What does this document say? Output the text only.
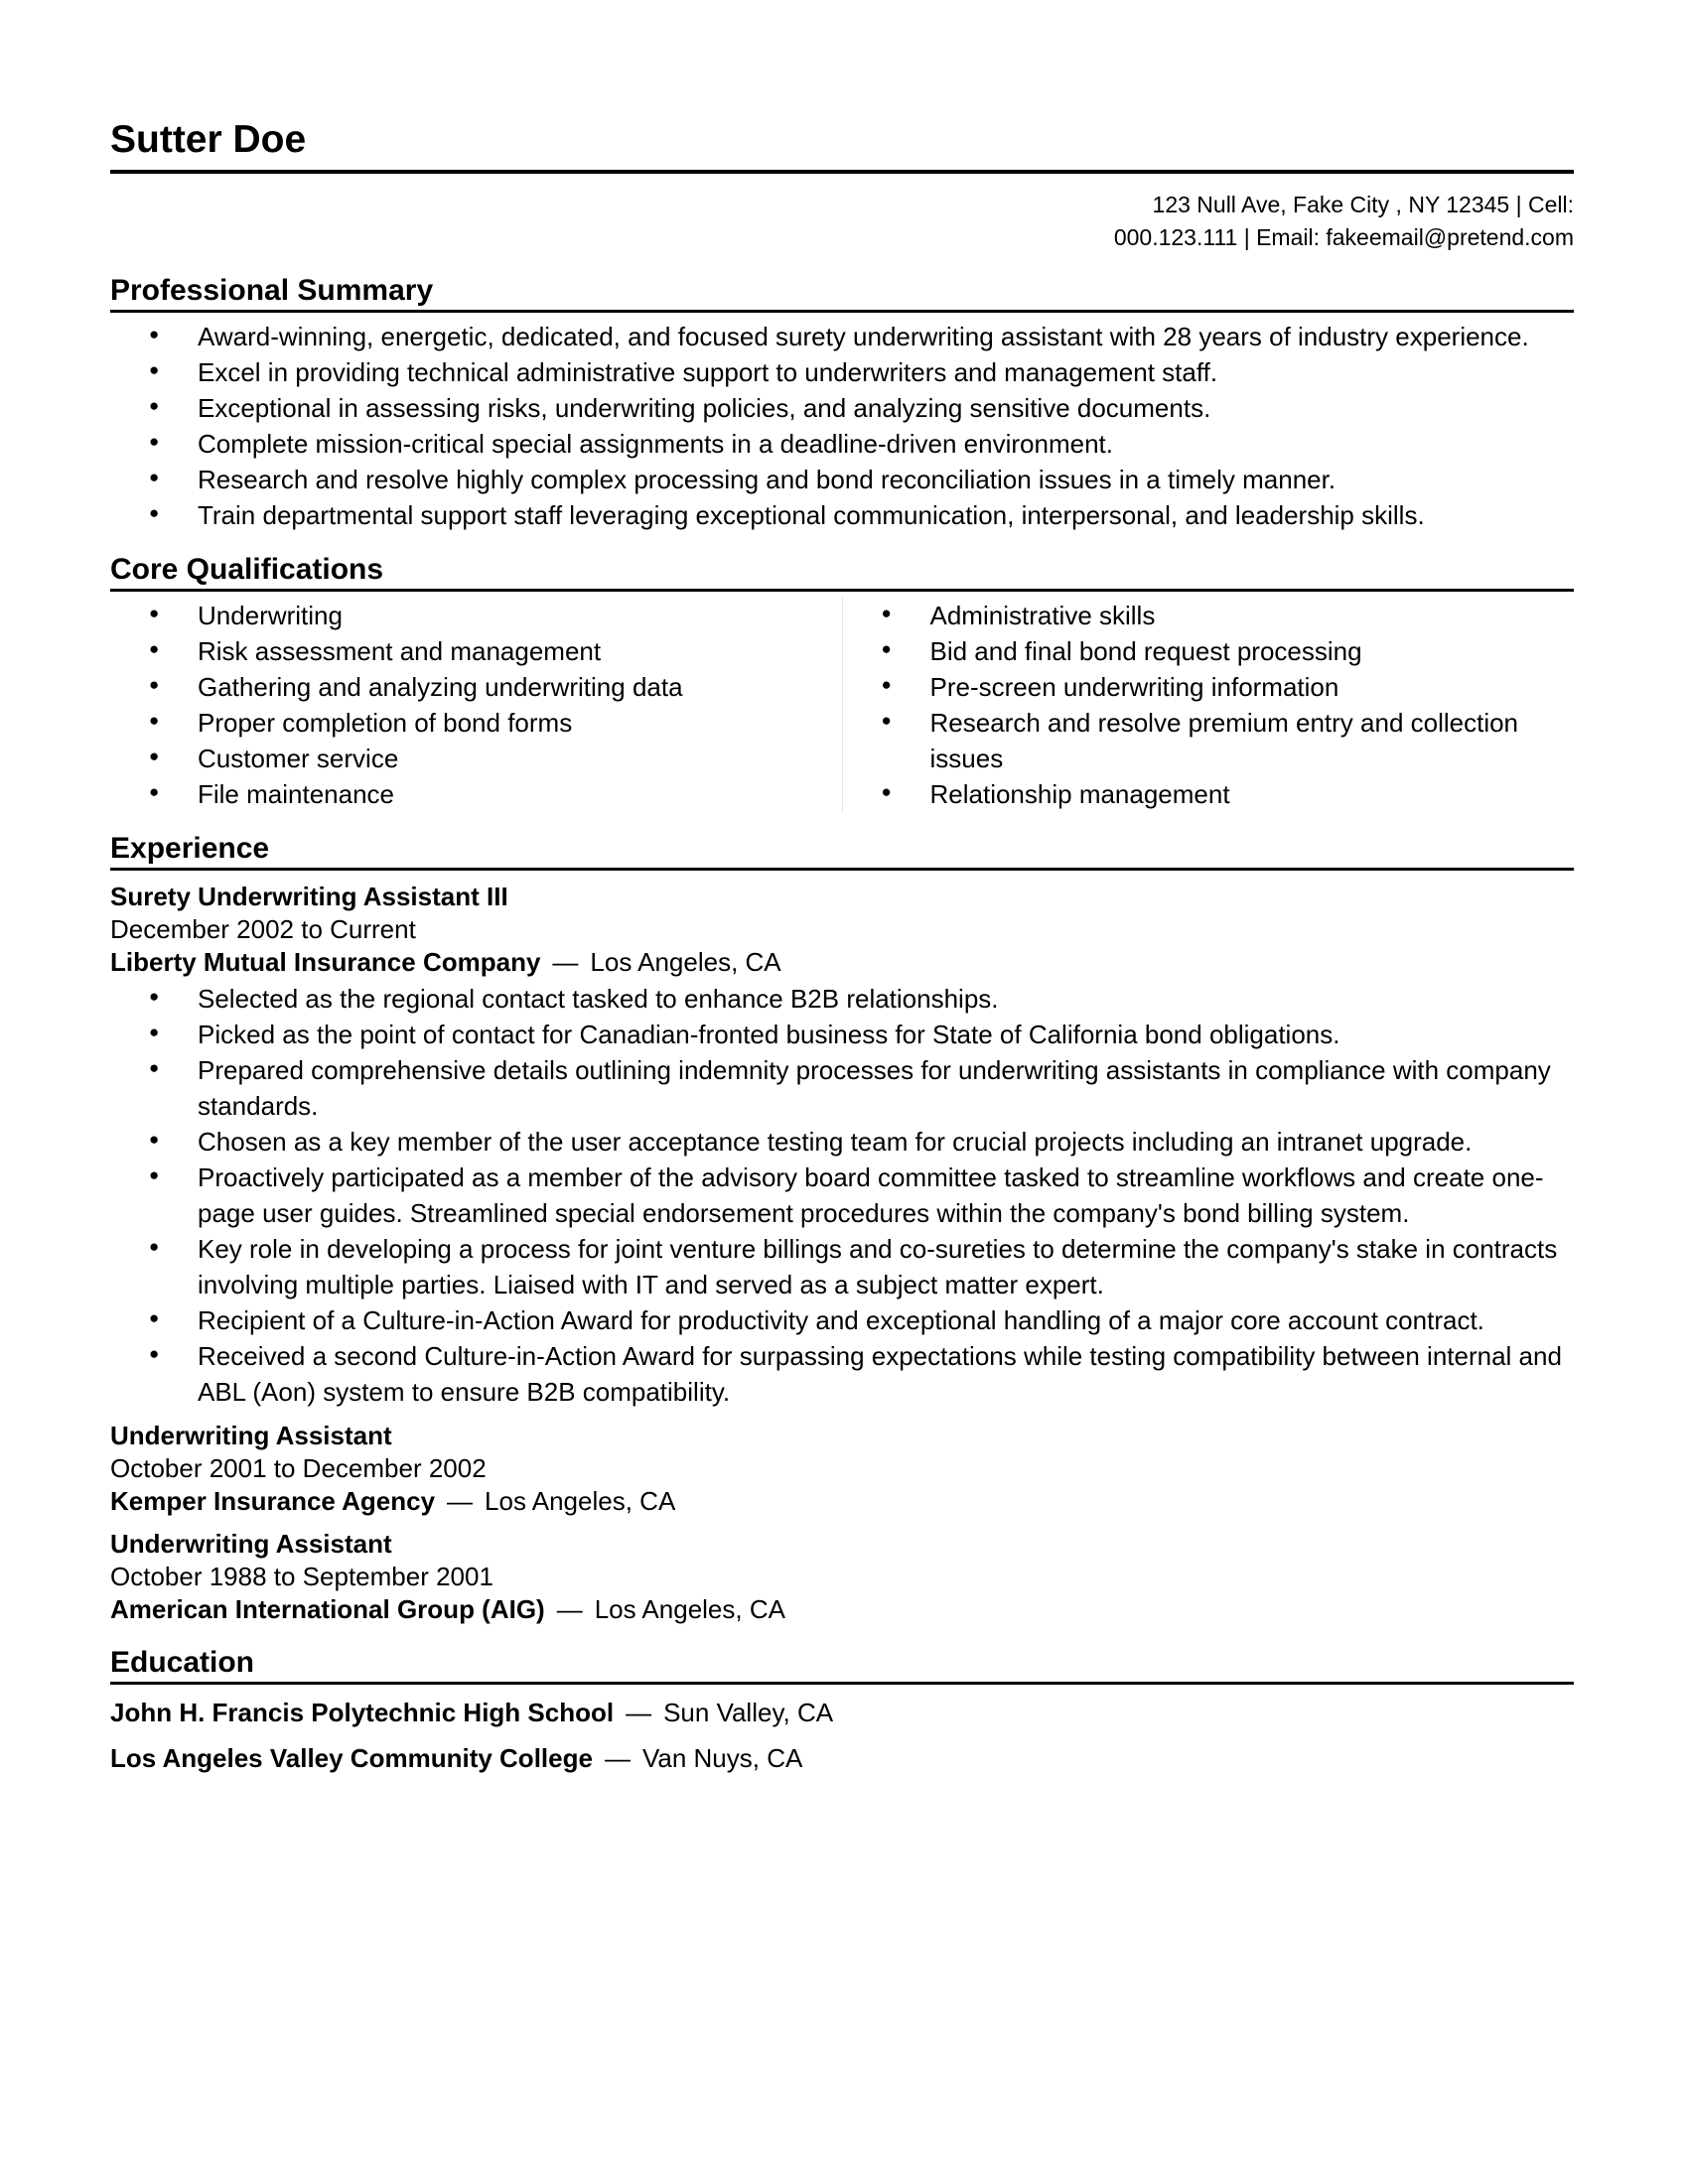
Sutter Doe
123 Null Ave, Fake City , NY 12345 | Cell:
000.123.111 | Email: fakeemail@pretend.com
Professional Summary
● Award-winning, energetic, dedicated, and focused surety underwriting assistant with 28 years of industry experience.
● Excel in providing technical administrative support to underwriters and management staff.
● Exceptional in assessing risks, underwriting policies, and analyzing sensitive documents.
● Complete mission-critical special assignments in a deadline-driven environment.
● Research and resolve highly complex processing and bond reconciliation issues in a timely manner.
● Train departmental support staff leveraging exceptional communication, interpersonal, and leadership skills.
Core Qualifications
● Underwriting
● Risk assessment and management
● Gathering and analyzing underwriting data
● Proper completion of bond forms
● Customer service
● File maintenance
● Administrative skills
● Bid and final bond request processing
● Pre-screen underwriting information
● Research and resolve premium entry and collection issues
● Relationship management
Experience
Surety Underwriting Assistant III
December 2002 to Current
Liberty Mutual Insurance Company — Los Angeles, CA
● Selected as the regional contact tasked to enhance B2B relationships.
● Picked as the point of contact for Canadian-fronted business for State of California bond obligations.
● Prepared comprehensive details outlining indemnity processes for underwriting assistants in compliance with company standards.
● Chosen as a key member of the user acceptance testing team for crucial projects including an intranet upgrade.
● Proactively participated as a member of the advisory board committee tasked to streamline workflows and create one-page user guides. Streamlined special endorsement procedures within the company's bond billing system.
● Key role in developing a process for joint venture billings and co-sureties to determine the company's stake in contracts involving multiple parties. Liaised with IT and served as a subject matter expert.
● Recipient of a Culture-in-Action Award for productivity and exceptional handling of a major core account contract.
● Received a second Culture-in-Action Award for surpassing expectations while testing compatibility between internal and ABL (Aon) system to ensure B2B compatibility.
Underwriting Assistant
October 2001 to December 2002
Kemper Insurance Agency — Los Angeles, CA
Underwriting Assistant
October 1988 to September 2001
American International Group (AIG) — Los Angeles, CA
Education
John H. Francis Polytechnic High School — Sun Valley, CA
Los Angeles Valley Community College — Van Nuys, CA
